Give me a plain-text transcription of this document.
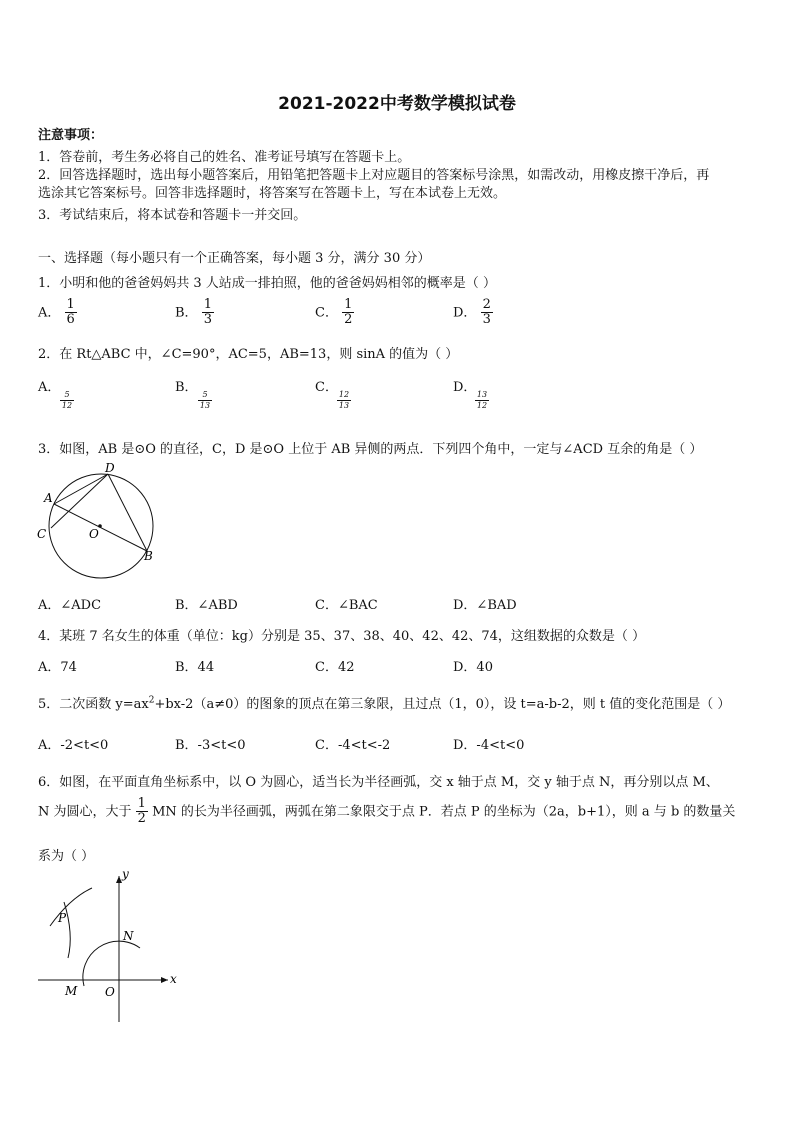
2021-2022中考数学模拟试卷
注意事项：
1．答卷前，考生务必将自己的姓名、准考证号填写在答题卡上。
2．回答选择题时，选出每小题答案后，用铅笔把答题卡上对应题目的答案标号涂黑，如需改动，用橡皮擦干净后，再
选涂其它答案标号。回答非选择题时，将答案写在答题卡上，写在本试卷上无效。
3．考试结束后，将本试卷和答题卡一并交回。
一、选择题（每小题只有一个正确答案，每小题 3 分，满分 30 分）
1．小明和他的爸爸妈妈共 3 人站成一排拍照，他的爸爸妈妈相邻的概率是（ ）
A． $\frac{1}{6}$	B． $\frac{1}{3}$	C． $\frac{1}{2}$	D． $\frac{2}{3}$
2．在 Rt△ABC 中，∠C=90°，AC=5，AB=13，则 sinA 的值为（ ）
A． 5
12
B． 5
13
C． 12
13
D． 13
12
3．如图，AB 是⊙O 的直径，C，D 是⊙O 上位于 AB 异侧的两点．下列四个角中，一定与∠ACD 互余的角是（ ）
D
A
C	O
B
A．∠ADC	B．∠ABD	C．∠BAC	D．∠BAD
4．某班 7 名女生的体重（单位：kg）分别是 35、37、38、40、42、42、74，这组数据的众数是（ ）
A．74	B．44	C．42	D．40
5．二次函数 $y=ax^2+bx-2(a\ne 0)$的图象的顶点在第三象限，且过点（1，0），设 t=a-b-2，则 t 值的变化范围是（ ）
A．-2<t<0	B．-3<t<0	C．-4<t<-2	D．-4<t<0
6．如图，在平面直角坐标系中，以 O 为圆心，适当长为半径画弧，交 x 轴于点 M，交 y 轴于点 N，再分别以点 M、
N 为圆心，大于 $\frac{1}{2}$ MN 的长为半径画弧，两弧在第二象限交于点 P．若点 P 的坐标为（2a，b+1），则 a 与 b 的数量关
系为（ ）
y
x
P
N
M O
